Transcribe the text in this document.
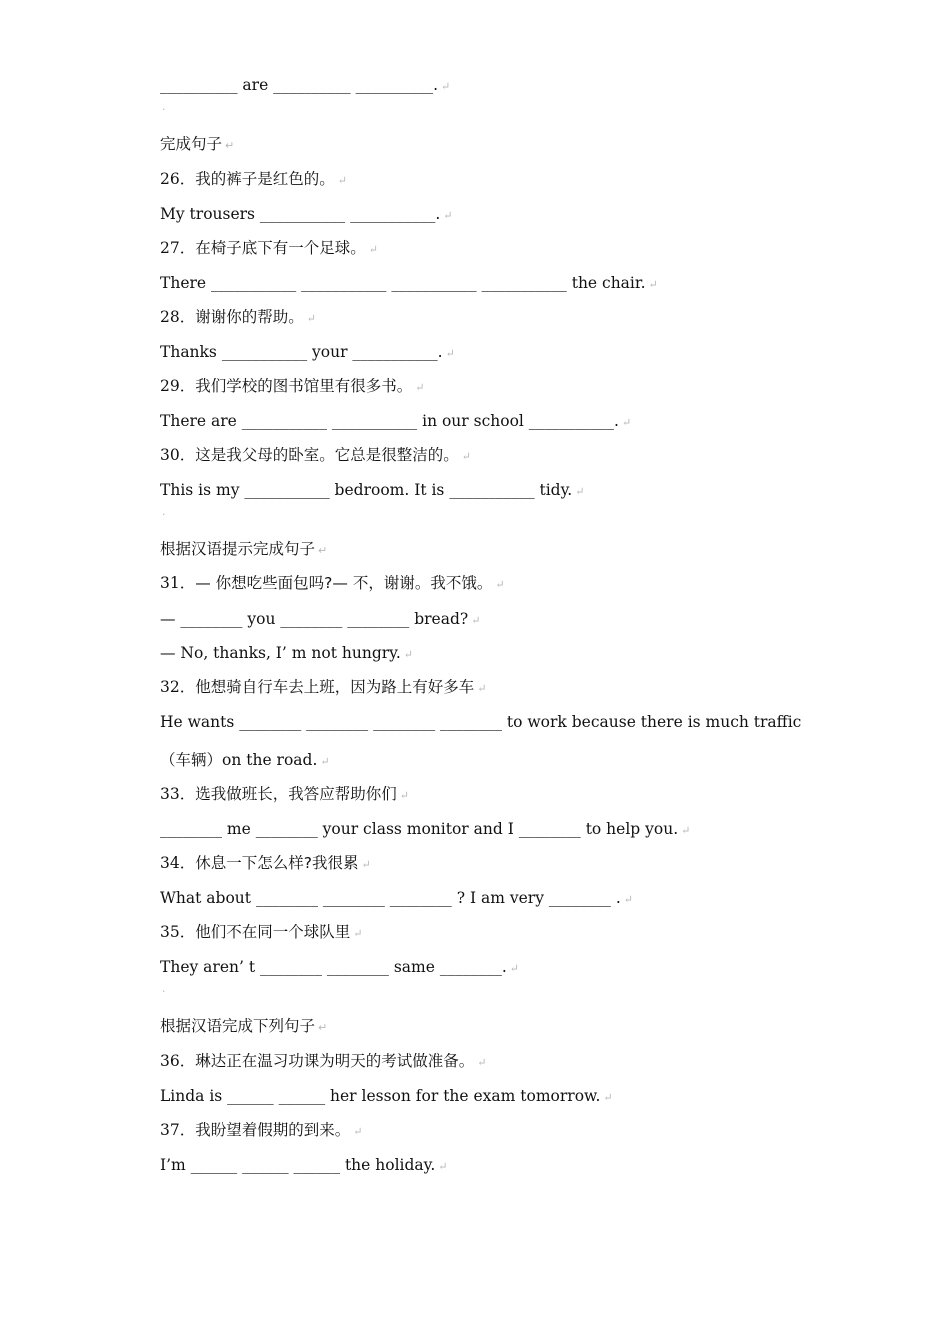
__________ are __________ __________. ↵
·
完成句子 ↵
26．我的裤子是红色的。 ↵
My trousers ___________ ___________. ↵
27．在椅子底下有一个足球。 ↵
There ___________ ___________ ___________ ___________ the chair. ↵
28．谢谢你的帮助。 ↵
Thanks ___________ your ___________. ↵
29．我们学校的图书馆里有很多书。 ↵
There are ___________ ___________ in our school ___________. ↵
30．这是我父母的卧室。它总是很整洁的。 ↵
This is my ___________ bedroom. It is ___________ tidy. ↵
·
根据汉语提示完成句子 ↵
31．— 你想吃些面包吗?— 不，谢谢。我不饿。 ↵
— ________ you ________ ________ bread? ↵
— No, thanks, I’ m not hungry. ↵
32．他想骑自行车去上班，因为路上有好多车 ↵
He wants ________ ________ ________ ________ to work because there is much traffic
（车辆）on the road. ↵
33．选我做班长，我答应帮助你们 ↵
________ me ________ your class monitor and I ________ to help you. ↵
34．休息一下怎么样?我很累 ↵
What about ________ ________ ________ ? I am very ________ . ↵
35．他们不在同一个球队里 ↵
They aren’ t ________ ________ same ________. ↵
·
根据汉语完成下列句子 ↵
36．琳达正在温习功课为明天的考试做准备。 ↵
Linda is ______ ______ her lesson for the exam tomorrow. ↵
37．我盼望着假期的到来。 ↵
I’m ______ ______ ______ the holiday. ↵
